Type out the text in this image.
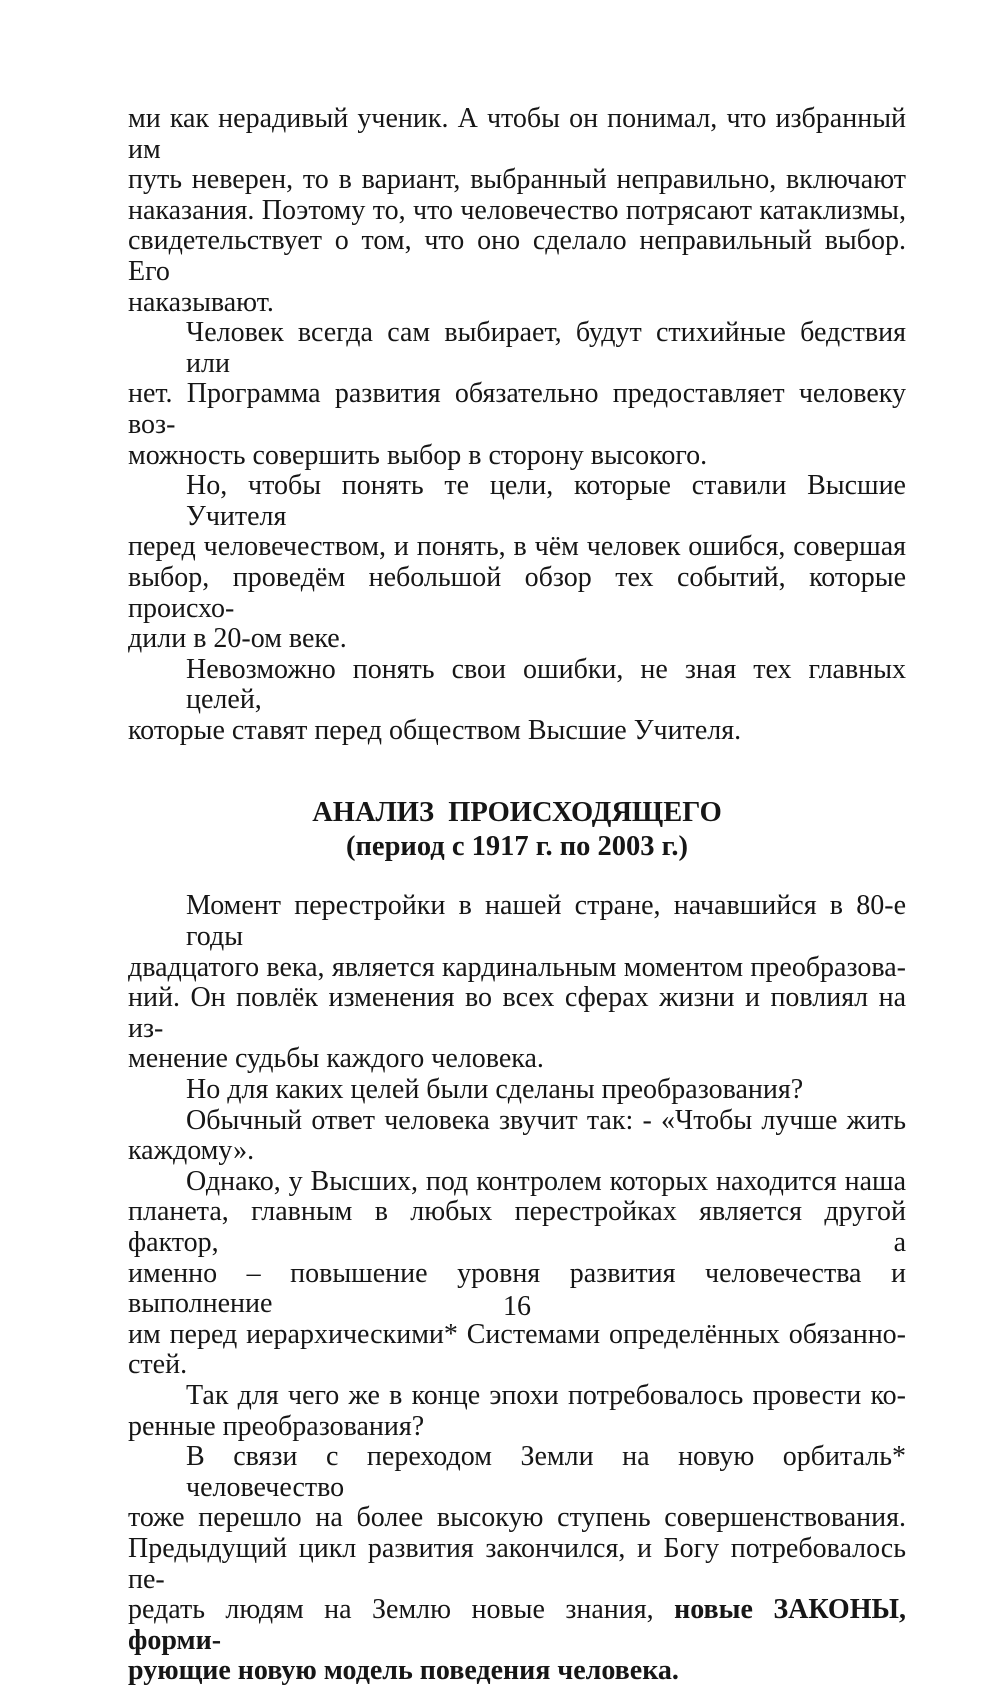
ми как нерадивый ученик. А чтобы он понимал, что избранный им
путь неверен, то в вариант, выбранный неправильно, включают
наказания. Поэтому то, что человечество потрясают катаклизмы,
свидетельствует о том, что оно сделало неправильный выбор. Его
наказывают.
Человек всегда сам выбирает, будут стихийные бедствия или
нет. Программа развития обязательно предоставляет человеку воз-
можность совершить выбор в сторону высокого.
Но, чтобы понять те цели, которые ставили Высшие Учителя
перед человечеством, и понять, в чём человек ошибся, совершая
выбор, проведём небольшой обзор тех событий, которые происхо-
дили в 20-ом веке.
Невозможно понять свои ошибки, не зная тех главных целей,
которые ставят перед обществом Высшие Учителя.
АНАЛИЗ  ПРОИСХОДЯЩЕГО
(период с 1917 г. по 2003 г.)
Момент перестройки в нашей стране, начавшийся в 80-е годы
двадцатого века, является кардинальным моментом преобразова-
ний. Он повлёк изменения во всех сферах жизни и повлиял на из-
менение судьбы каждого человека.
Но для каких целей были сделаны преобразования?
Обычный ответ человека звучит так: - «Чтобы лучше жить
каждому».
Однако, у Высших, под контролем которых находится наша
планета, главным в любых перестройках является другой фактор, а
именно – повышение уровня развития человечества и выполнение
им перед иерархическими* Системами определённых обязанно-
стей.
Так для чего же в конце эпохи потребовалось провести ко-
ренные преобразования?
В связи с переходом Земли на новую орбиталь* человечество
тоже перешло на более высокую ступень совершенствования.
Предыдущий цикл развития закончился, и Богу потребовалось пе-
редать людям на Землю новые знания, новые ЗАКОНЫ, форми-
рующие новую модель поведения человека.
16
